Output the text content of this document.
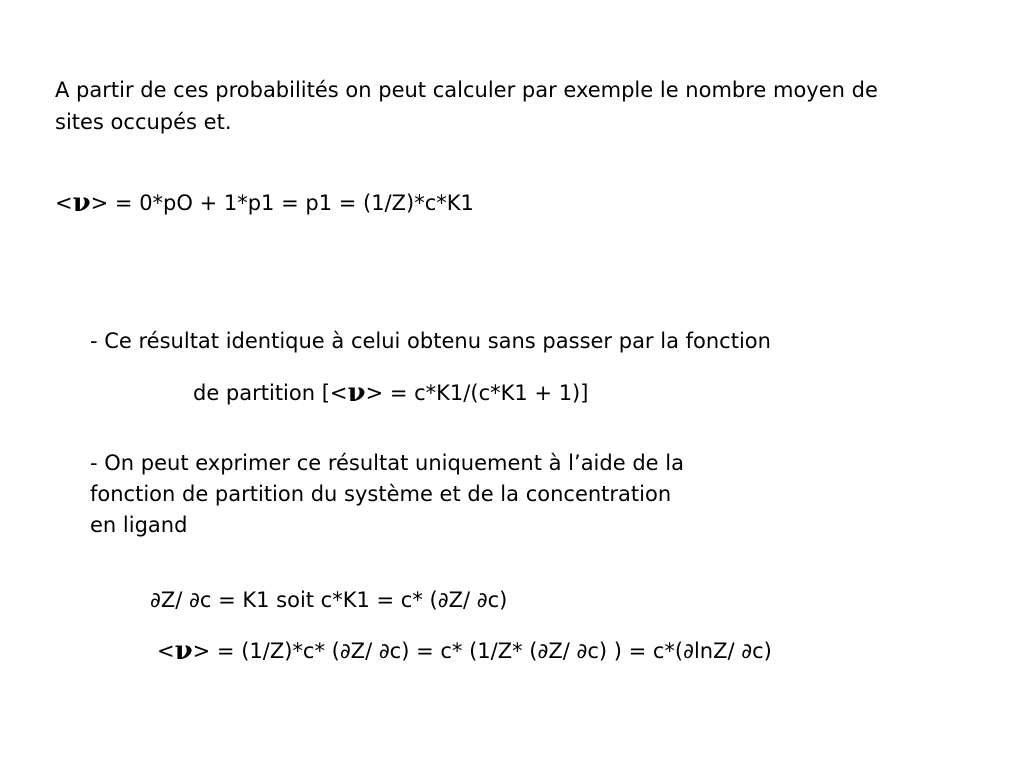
A partir de ces probabilités on peut calculer par exemple le nombre moyen de
sites occupés et.
<ν> = 0*pO + 1*p1 = p1 = (1/Z)*c*K1
- Ce résultat identique à celui obtenu sans passer par la fonction
de partition [<ν> = c*K1/(c*K1 + 1)]
- On peut exprimer ce résultat uniquement à l’aide de la
fonction de partition du système et de la concentration
en ligand
∂Z/ ∂c = K1 soit c*K1 = c* (∂Z/ ∂c)
<ν> = (1/Z)*c* (∂Z/ ∂c) = c* (1/Z* (∂Z/ ∂c) ) = c*(∂lnZ/ ∂c)
